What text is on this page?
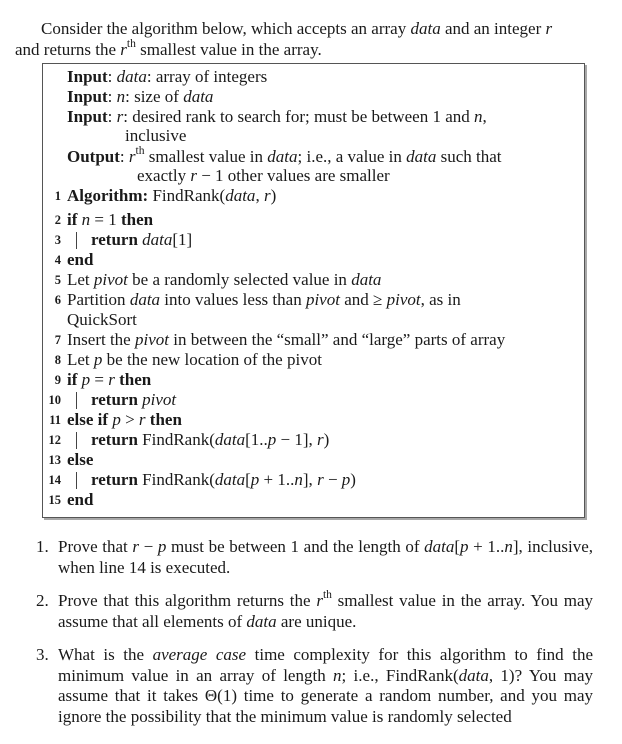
Consider the algorithm below, which accepts an array data and an integer r
and returns the $r^{th}$ smallest value in the array.
Input: data: array of integers
Input: n: size of data
Input: r: desired rank to search for; must be between 1 and n,
inclusive
Output: $r^{th}$ smallest value in data; i.e., a value in data such that
exactly r − 1 other values are smaller
1 Algorithm: FindRank(data, r)
2 if n = 1 then
3 return data[1]
4 end
5 Let pivot be a randomly selected value in data
6 Partition data into values less than pivot and ≥ pivot, as in
QuickSort
7 Insert the pivot in between the “small” and “large” parts of array
8 Let p be the new location of the pivot
9 if p = r then
10 return pivot
11 else if p > r then
12 return FindRank(data[1..p − 1], r)
13 else
14 return FindRank(data[p + 1..n], r − p)
15 end
1. Prove that r − p must be between 1 and the length of data[p + 1..n], inclusive, when line 14 is executed.
2. Prove that this algorithm returns the $r^{th}$ smallest value in the array. You may assume that all elements of data are unique.
3. What is the average case time complexity for this algorithm to find the minimum value in an array of length n; i.e., FindRank(data, 1)? You may assume that it takes Θ(1) time to generate a random number, and you may ignore the possibility that the minimum value is randomly selected
